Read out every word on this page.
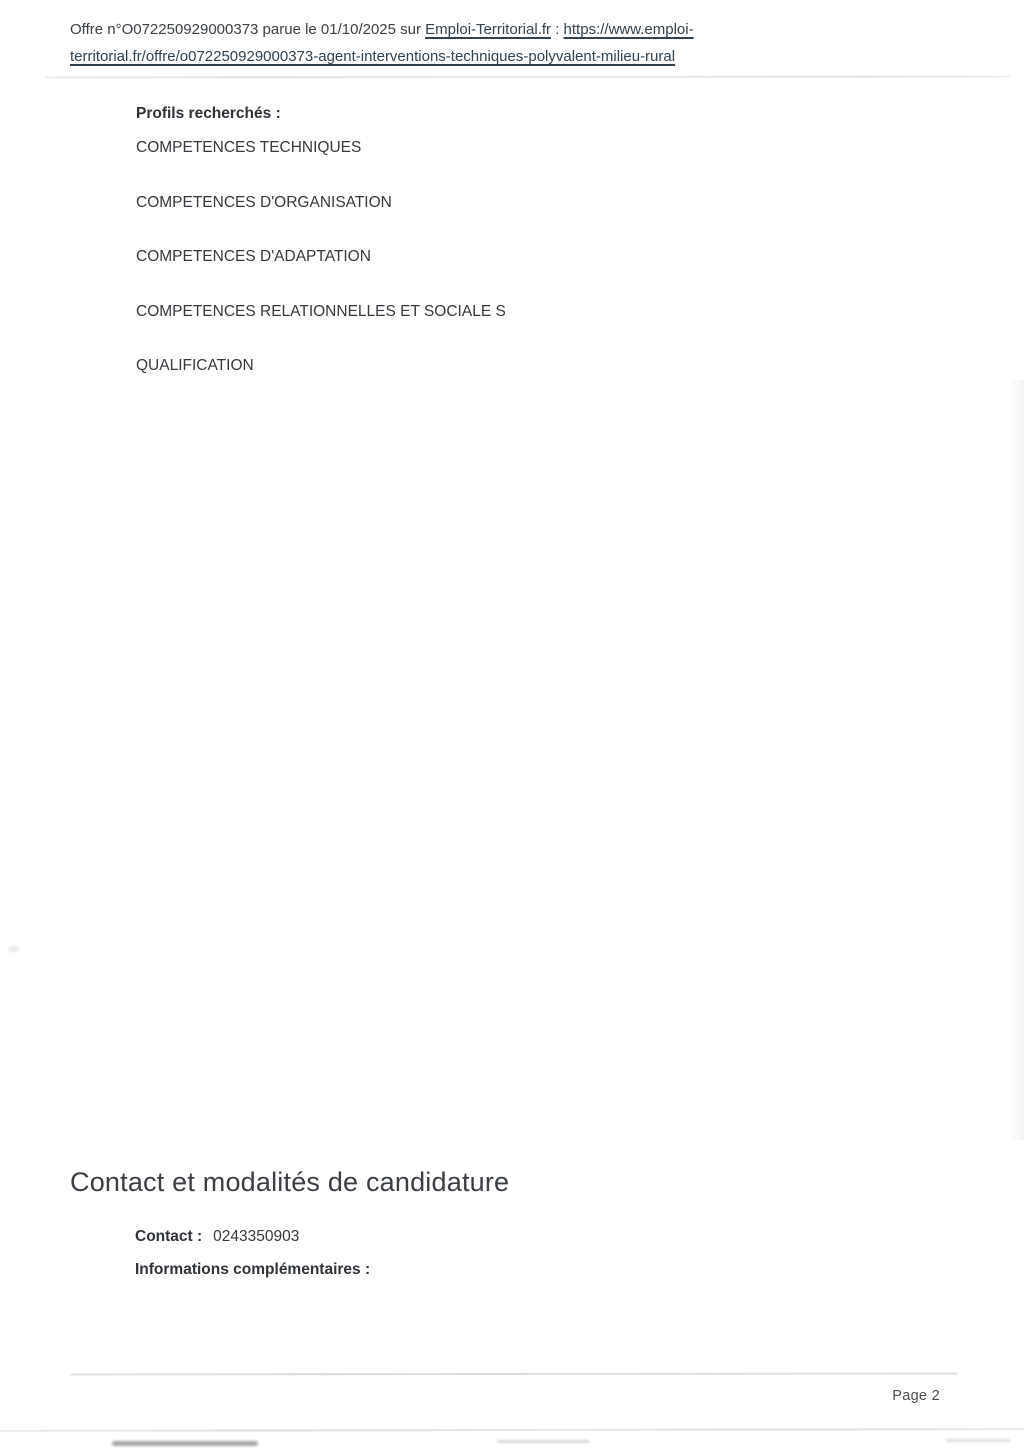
Offre n°O072250929000373 parue le 01/10/2025 sur Emploi-Territorial.fr : https://www.emploi-
territorial.fr/offre/o072250929000373-agent-interventions-techniques-polyvalent-milieu-rural
Profils recherchés :
COMPETENCES TECHNIQUES
COMPETENCES D'ORGANISATION
COMPETENCES D'ADAPTATION
COMPETENCES RELATIONNELLES ET SOCIALE S
QUALIFICATION
Contact et modalités de candidature
Contact : 0243350903
Informations complémentaires :
Page 2
